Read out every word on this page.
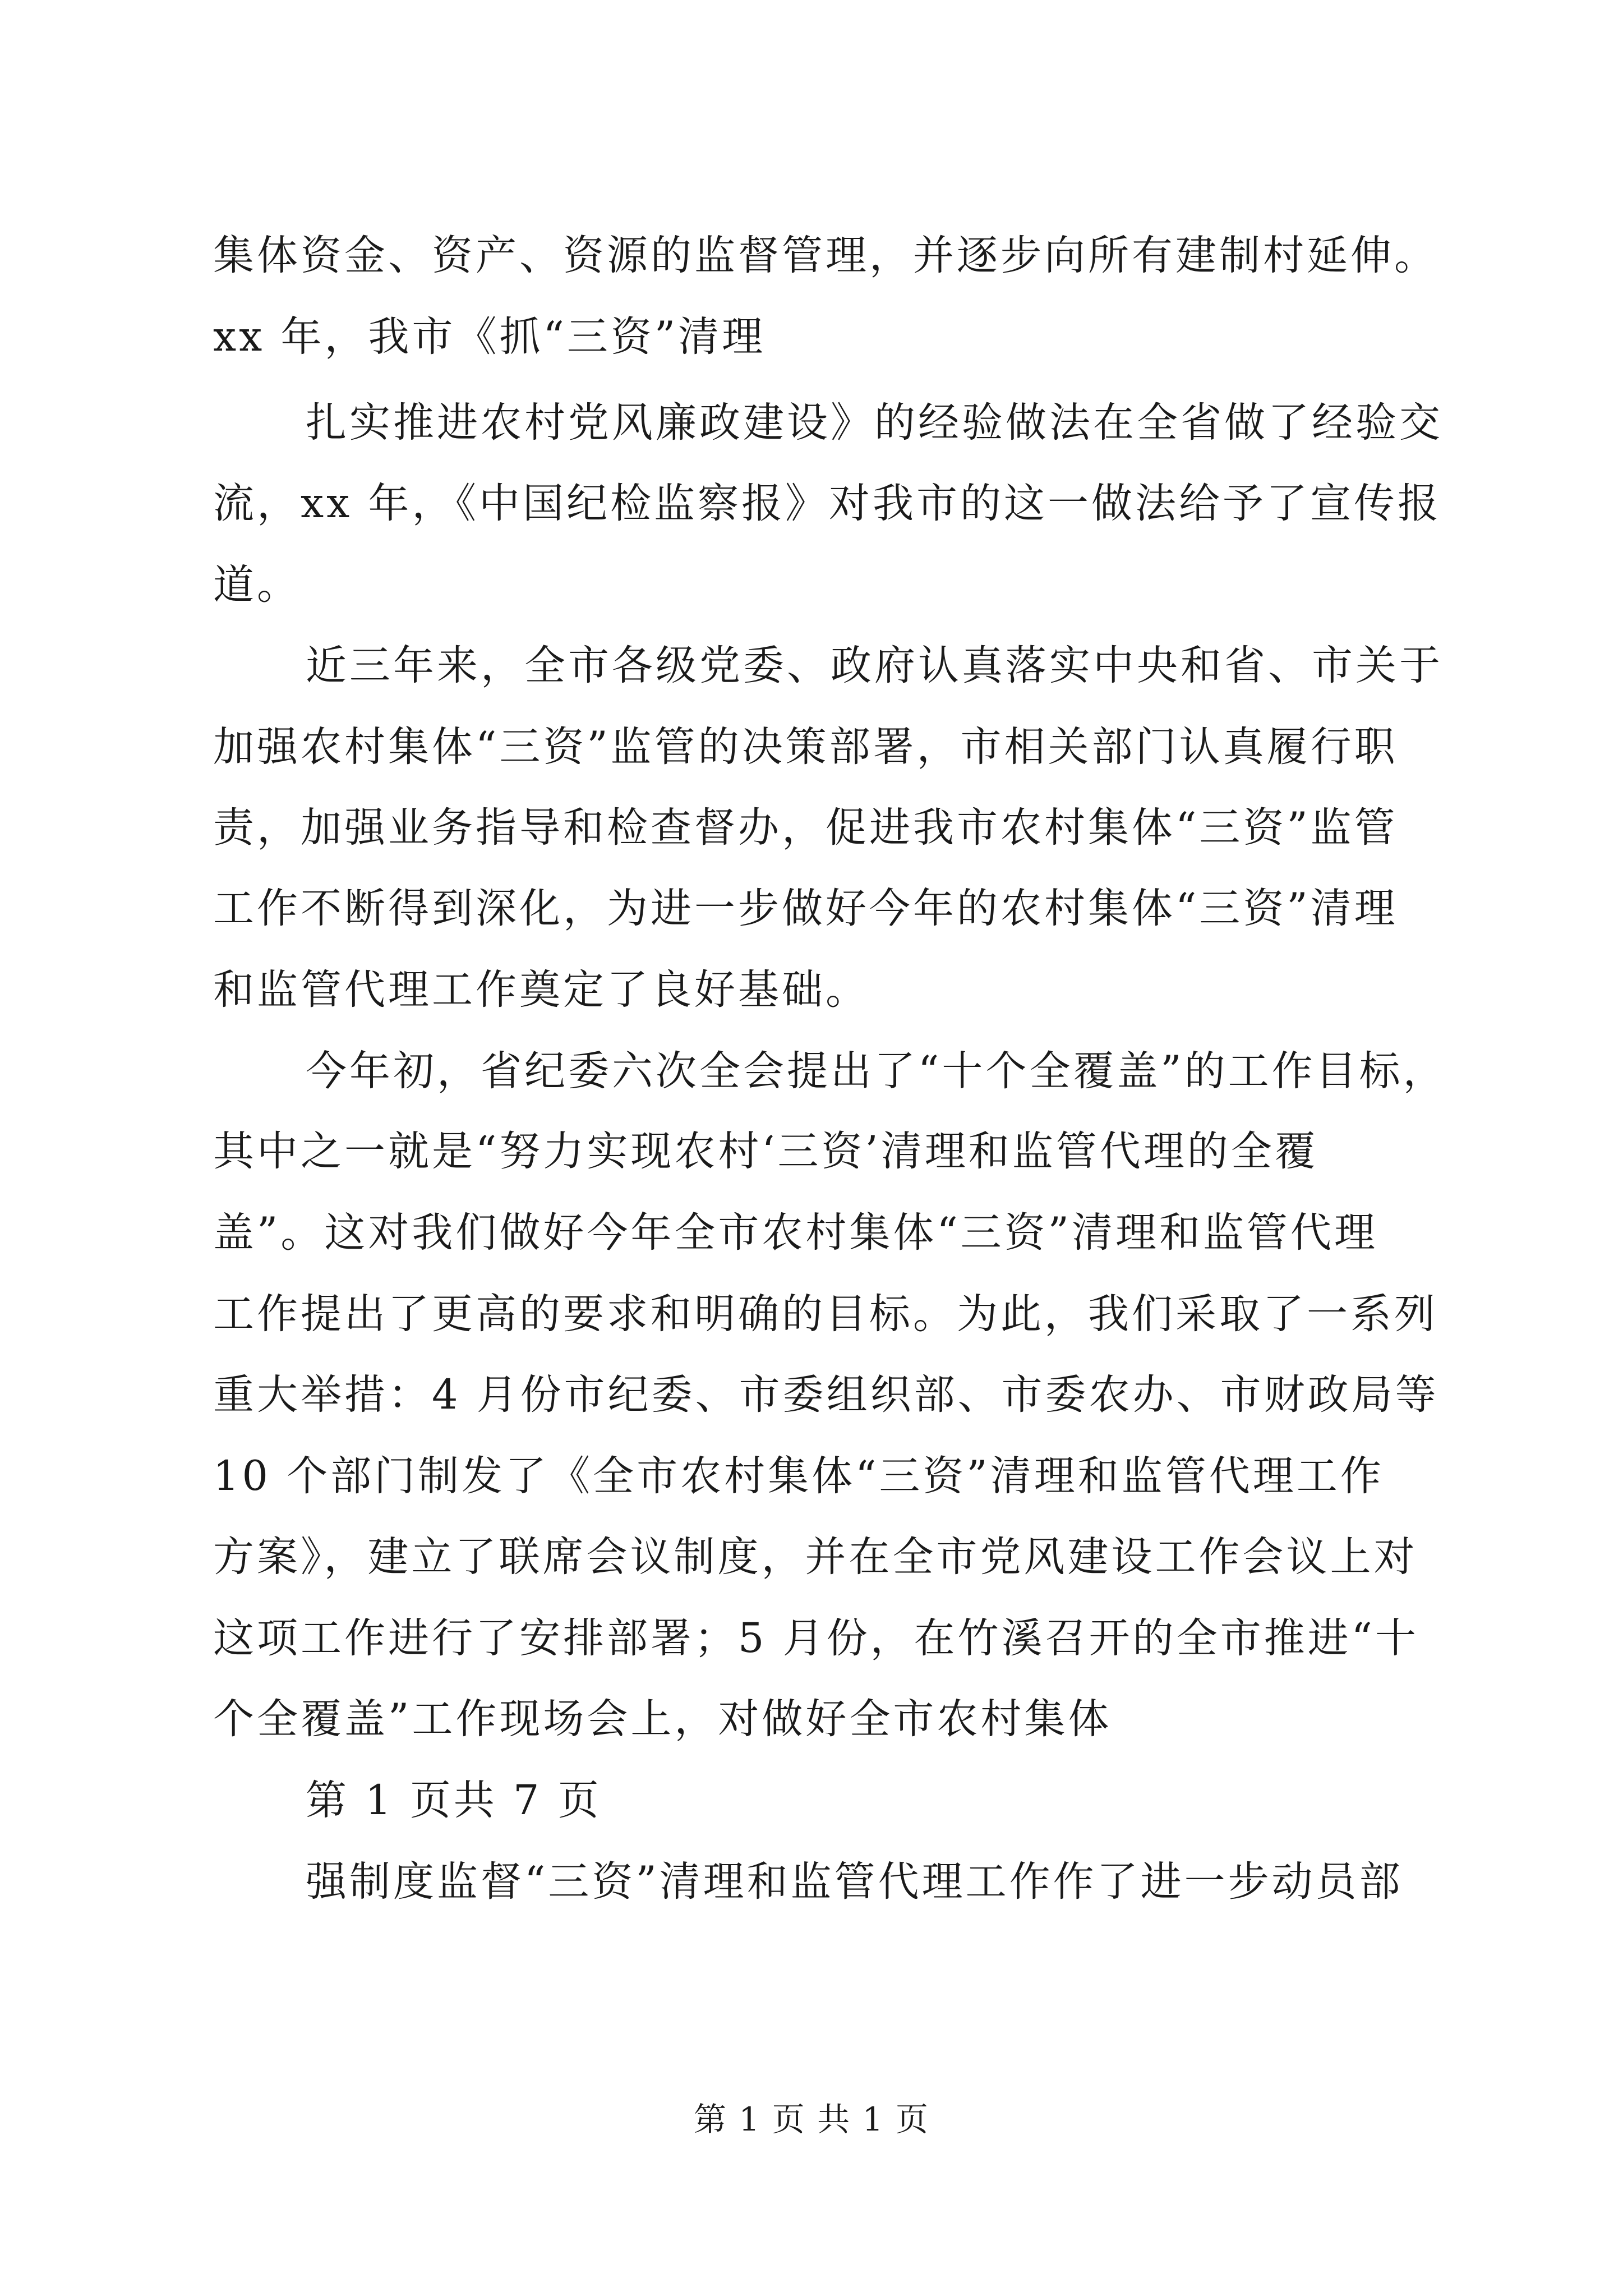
集体资金、资产、资源的监督管理，并逐步向所有建制村延伸。
xx 年，我市《抓“三资”清理
扎实推进农村党风廉政建设》的经验做法在全省做了经验交
流，xx 年，《中国纪检监察报》对我市的这一做法给予了宣传报
道。
近三年来，全市各级党委、政府认真落实中央和省、市关于
加强农村集体“三资”监管的决策部署，市相关部门认真履行职
责，加强业务指导和检查督办，促进我市农村集体“三资”监管
工作不断得到深化，为进一步做好今年的农村集体“三资”清理
和监管代理工作奠定了良好基础。
今年初，省纪委六次全会提出了“十个全覆盖”的工作目标，
其中之一就是“努力实现农村‘三资’清理和监管代理的全覆
盖”。这对我们做好今年全市农村集体“三资”清理和监管代理
工作提出了更高的要求和明确的目标。为此，我们采取了一系列
重大举措：4 月份市纪委、市委组织部、市委农办、市财政局等
10 个部门制发了《全市农村集体“三资”清理和监管代理工作
方案》，建立了联席会议制度，并在全市党风建设工作会议上对
这项工作进行了安排部署；5 月份，在竹溪召开的全市推进“十
个全覆盖”工作现场会上，对做好全市农村集体
第 1 页共 7 页
强制度监督“三资”清理和监管代理工作作了进一步动员部
第 1 页 共 1 页
